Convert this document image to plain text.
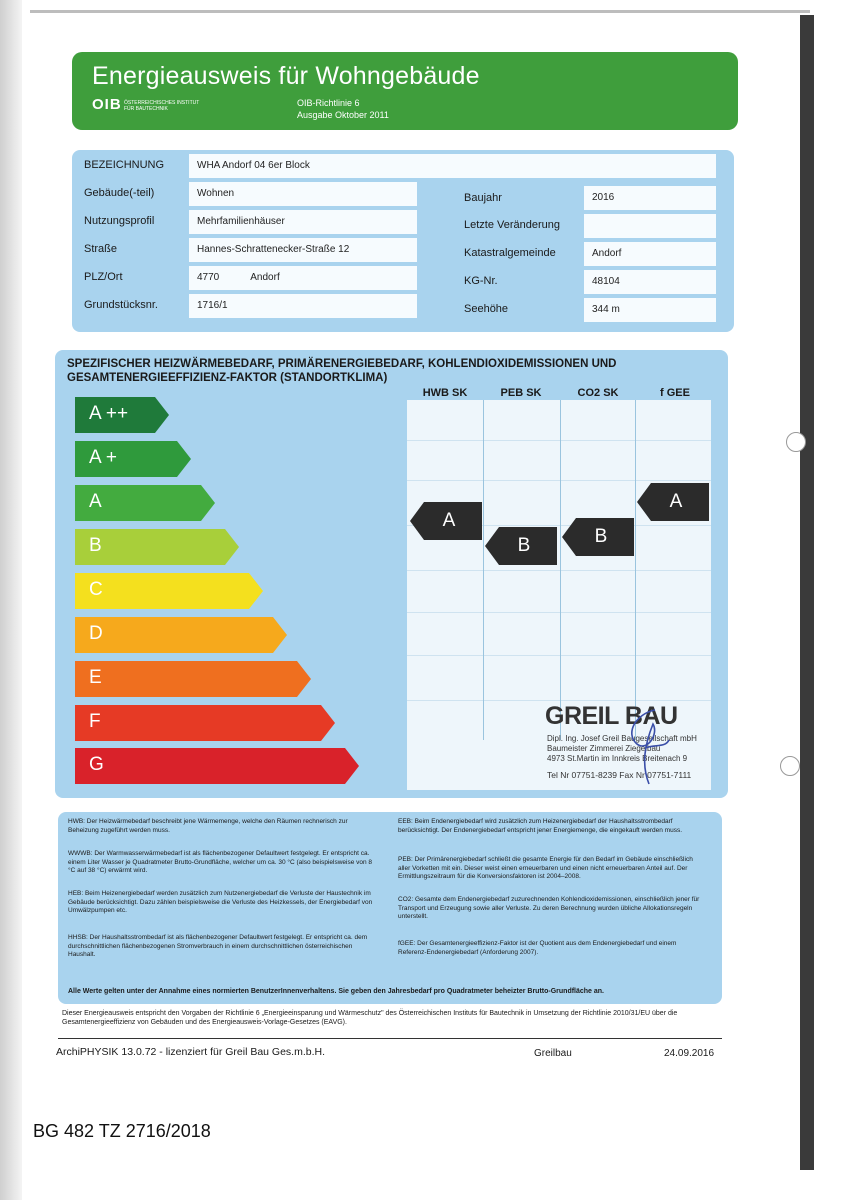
Energieausweis für Wohngebäude
OIB ÖSTERREICHISCHES INSTITUT FÜR BAUTECHNIK
OIB-Richtlinie 6
Ausgabe Oktober 2011
BEZEICHNUNG	WHA Andorf 04 6er Block
Gebäude(-teil)	Wohnen
Nutzungsprofil	Mehrfamilienhäuser
Straße	Hannes-Schrattenecker-Straße 12
PLZ/Ort	4770	Andorf
Grundstücksnr.	1716/1
Baujahr	2016
Letzte Veränderung
Katastralgemeinde	Andorf
KG-Nr.	48104
Seehöhe	344 m
SPEZIFISCHER HEIZWÄRMEBEDARF, PRIMÄRENERGIEBEDARF, KOHLENDIOXIDEMISSIONEN UND
GESAMTENERGIEEFFIZIENZ-FAKTOR (STANDORTKLIMA)
HWB SK	PEB SK	CO2 SK	f GEE
A ++
A +
A
B
C
D
E
F
G
A
B	B
A
GREIL BAU
Dipl. Ing. Josef Greil Baugesellschaft mbH
Baumeister Zimmerei Ziegelbau
4973 St.Martin im Innkreis Breitenach 9
Tel Nr 07751-8239 Fax Nr 07751-7111
HWB: Der Heizwärmebedarf beschreibt jene Wärmemenge, welche den Räumen rechnerisch zur Beheizung zugeführt werden muss.
WWWB: Der Warmwasserwärmebedarf ist als flächenbezogener Defaultwert festgelegt. Er entspricht ca. einem Liter Wasser je Quadratmeter Brutto-Grundfläche, welcher um ca. 30 °C (also beispielsweise von 8 °C auf 38 °C) erwärmt wird.
HEB: Beim Heizenergiebedarf werden zusätzlich zum Nutzenergiebedarf die Verluste der Haustechnik im Gebäude berücksichtigt. Dazu zählen beispielsweise die Verluste des Heizkessels, der Energiebedarf von Umwälzpumpen etc.
HHSB: Der Haushaltsstrombedarf ist als flächenbezogener Defaultwert festgelegt. Er entspricht ca. dem durchschnittlichen flächenbezogenen Stromverbrauch in einem durchschnittlichen österreichischen Haushalt.
EEB: Beim Endenergiebedarf wird zusätzlich zum Heizenergiebedarf der Haushaltsstrombedarf berücksichtigt. Der Endenergiebedarf entspricht jener Energiemenge, die eingekauft werden muss.
PEB: Der Primärenergiebedarf schließt die gesamte Energie für den Bedarf im Gebäude einschließlich aller Vorketten mit ein. Dieser weist einen erneuerbaren und einen nicht erneuerbaren Anteil auf. Der Ermittlungszeitraum für die Konversionsfaktoren ist 2004–2008.
CO2: Gesamte dem Endenergiebedarf zuzurechnenden Kohlendioxidemissionen, einschließlich jener für Transport und Erzeugung sowie aller Verluste. Zu deren Berechnung wurden übliche Allokationsregeln unterstellt.
fGEE: Der Gesamtenergieeffizienz-Faktor ist der Quotient aus dem Endenergiebedarf und einem Referenz-Endenergiebedarf (Anforderung 2007).
Alle Werte gelten unter der Annahme eines normierten BenutzerInnenverhaltens. Sie geben den Jahresbedarf pro Quadratmeter beheizter Brutto-Grundfläche an.
Dieser Energieausweis entspricht den Vorgaben der Richtlinie 6 „Energieeinsparung und Wärmeschutz" des Österreichischen Instituts für Bautechnik in Umsetzung der Richtlinie 2010/31/EU über die Gesamtenergieeffizienz von Gebäuden und des Energieausweis-Vorlage-Gesetzes (EAVG).
ArchiPHYSIK 13.0.72 - lizenziert für Greil Bau Ges.m.b.H.	Greilbau	24.09.2016
BG 482 TZ 2716/2018
